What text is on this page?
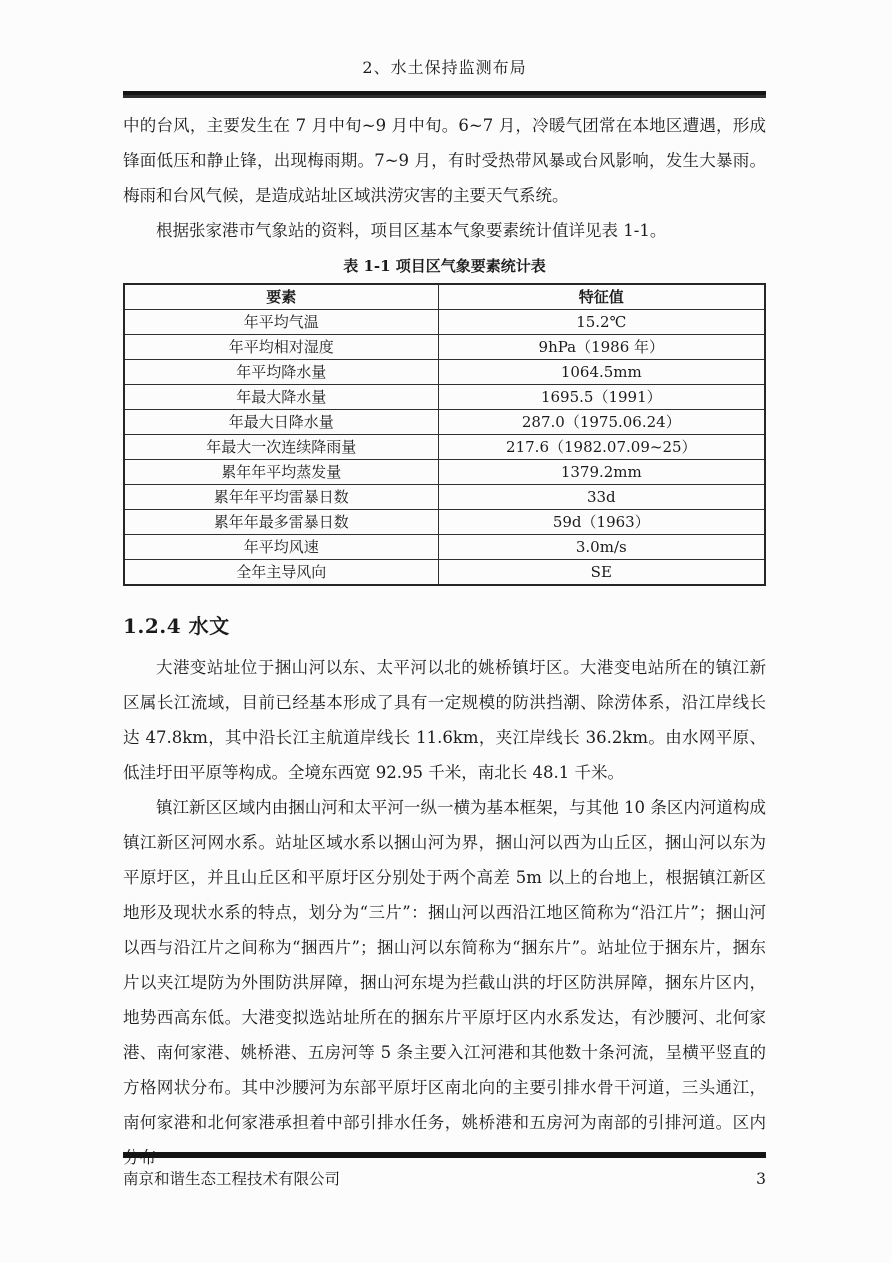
2、水土保持监测布局

中的台风，主要发生在 7 月中旬~9 月中旬。6~7 月，冷暖气团常在本地区遭遇，形成锋面低压和静止锋，出现梅雨期。7~9 月，有时受热带风暴或台风影响，发生大暴雨。梅雨和台风气候，是造成站址区域洪涝灾害的主要天气系统。

根据张家港市气象站的资料，项目区基本气象要素统计值详见表 1-1。

表 1-1 项目区气象要素统计表
要素	特征值
年平均气温	15.2℃
年平均相对湿度	9hPa（1986 年）
年平均降水量	1064.5mm
年最大降水量	1695.5（1991）
年最大日降水量	287.0（1975.06.24）
年最大一次连续降雨量	217.6（1982.07.09~25）
累年年平均蒸发量	1379.2mm
累年年平均雷暴日数	33d
累年年最多雷暴日数	59d（1963）
年平均风速	3.0m/s
全年主导风向	SE
1.2.4 水文

大港变站址位于捆山河以东、太平河以北的姚桥镇圩区。大港变电站所在的镇江新区属长江流域，目前已经基本形成了具有一定规模的防洪挡潮、除涝体系，沿江岸线长达 47.8km，其中沿长江主航道岸线长 11.6km，夹江岸线长 36.2km。由水网平原、低洼圩田平原等构成。全境东西宽 92.95 千米，南北长 48.1 千米。

镇江新区区域内由捆山河和太平河一纵一横为基本框架，与其他 10 条区内河道构成镇江新区河网水系。站址区域水系以捆山河为界，捆山河以西为山丘区，捆山河以东为平原圩区，并且山丘区和平原圩区分别处于两个高差 5m 以上的台地上，根据镇江新区地形及现状水系的特点，划分为“三片”：捆山河以西沿江地区简称为“沿江片”；捆山河以西与沿江片之间称为“捆西片”；捆山河以东简称为“捆东片”。站址位于捆东片，捆东片以夹江堤防为外围防洪屏障，捆山河东堤为拦截山洪的圩区防洪屏障，捆东片区内，地势西高东低。大港变拟选站址所在的捆东片平原圩区内水系发达，有沙腰河、北何家港、南何家港、姚桥港、五房河等 5 条主要入江河港和其他数十条河流，呈横平竖直的方格网状分布。其中沙腰河为东部平原圩区南北向的主要引排水骨干河道，三头通江，南何家港和北何家港承担着中部引排水任务，姚桥港和五房河为南部的引排河道。区内分布

南京和谐生态工程技术有限公司	3
